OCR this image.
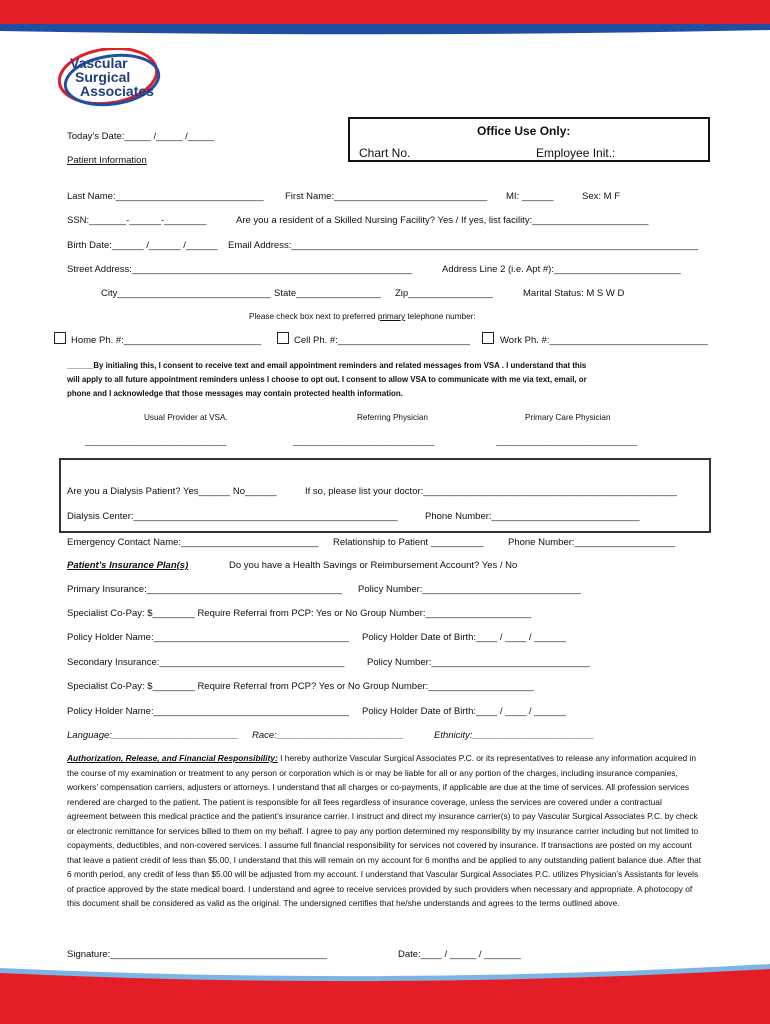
Vascular
Surgical
Associates
Today’s Date:_____ /_____ /_____
Patient Information
Office Use Only:
Chart No.	Employee Init.:
Last Name:____________________________ First Name:_____________________________ MI: ______	Sex: M F
SSN:_______-______-________	Are you a resident of a Skilled Nursing Facility? Yes / If yes, list facility:______________________
Birth Date:______ /______ /______ Email Address:_____________________________________________________________________________
Street Address:_____________________________________________________	Address Line 2 (i.e. Apt #):________________________
City_____________________________ State________________ Zip________________	Marital Status: M S W D
Please check box next to preferred primary telephone number:
Home Ph. #:__________________________	Cell Ph. #:_________________________	Work Ph. #:______________________________
______By initialing this, I consent to receive text and email appointment reminders and related messages from VSA . I understand that this
will apply to all future appointment reminders unless I choose to opt out. I consent to allow VSA to communicate with me via text, email, or
phone and I acknowledge that those messages may contain protected health information.
Usual Provider at VSA.	Referring Physician	Primary Care Physician
_______________________________	_______________________________	_______________________________
Are you a Dialysis Patient? Yes______ No______	If so, please list your doctor:________________________________________________
Dialysis Center:__________________________________________________	Phone Number:____________________________
Emergency Contact Name:__________________________ Relationship to Patient __________	Phone Number:___________________
Patient’s Insurance Plan(s)	Do you have a Health Savings or Reimbursement Account? Yes / No
Primary Insurance:_____________________________________ Policy Number:______________________________
Specialist Co-Pay: $________ Require Referral from PCP: Yes or No Group Number:____________________
Policy Holder Name:_____________________________________ Policy Holder Date of Birth:____ / ____ / ______
Secondary Insurance:___________________________________ Policy Number:______________________________
Specialist Co-Pay: $________ Require Referral from PCP? Yes or No Group Number:____________________
Policy Holder Name:_____________________________________ Policy Holder Date of Birth:____ / ____ / ______
Language:________________________ Race:________________________	Ethnicity:_______________________
Authorization, Release, and Financial Responsibility: I hereby authorize Vascular Surgical Associates P.C. or its representatives to release any information acquired in the course of my examination or treatment to any person or corporation which is or may be liable for all or any portion of the charges, including insurance companies, workers’ compensation carriers, adjusters or attorneys. I understand that all charges or co-payments, if applicable are due at the time of services. All profession services rendered are charged to the patient. The patient is responsible for all fees regardless of insurance coverage, unless the services are covered under a contractual agreement between this medical practice and the patient’s insurance carrier. I instruct and direct my insurance carrier(s) to pay Vascular Surgical Associates P.C. by check or electronic remittance for services billed to them on my behalf. I agree to pay any portion determined my responsibility by my insurance carrier including but not limited to copayments, deductibles, and non-covered services. I assume full financial responsibility for services not covered by insurance. If transactions are posted on my account that leave a patient credit of less than $5.00, I understand that this will remain on my account for 6 months and be applied to any outstanding patient balance due. After that 6 month period, any credit of less than $5.00 will be adjusted from my account. I understand that Vascular Surgical Associates P.C. utilizes Physician’s Assistants for levels of practice approved by the state medical board. I understand and agree to receive services provided by such providers when necessary and appropriate. A photocopy of this document shall be considered as valid as the original. The undersigned certifies that he/she understands and agrees to the terms outlined above.
Signature:_________________________________________	Date:____ / _____ / _______
